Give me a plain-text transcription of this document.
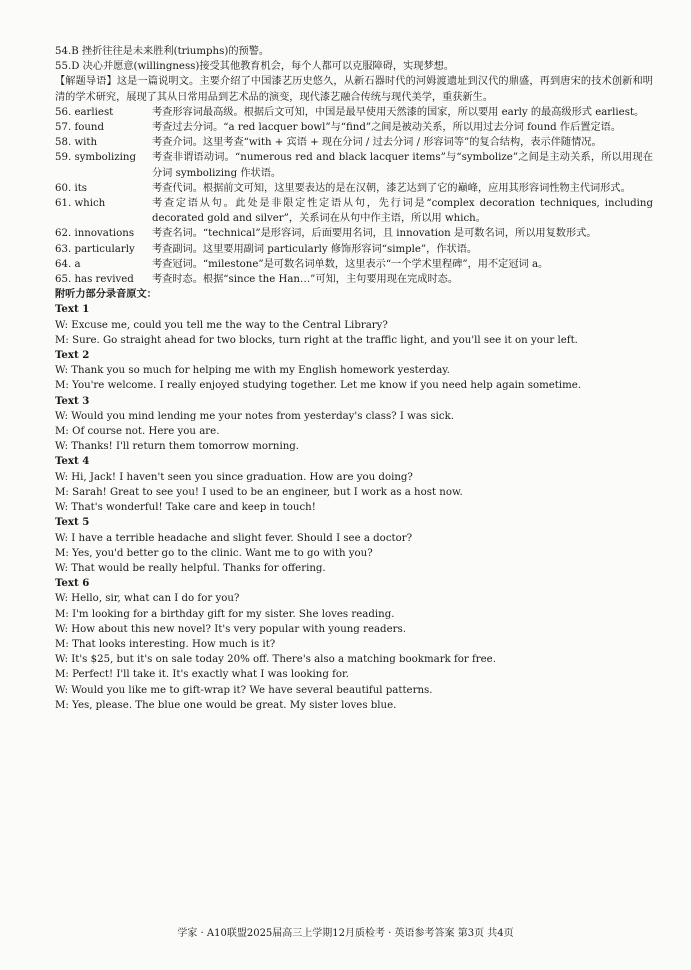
54.B 挫折往往是未来胜利(triumphs)的预警。

55.D 决心并愿意(willingness)接受其他教育机会，每个人都可以克服障碍，实现梦想。

【解题导语】这是一篇说明文。主要介绍了中国漆艺历史悠久，从新石器时代的河姆渡遗址到汉代的鼎盛，再到唐宋的技术创新和明清的学术研究，展现了其从日常用品到艺术品的演变，现代漆艺融合传统与现代美学，重获新生。

56. earliest	考查形容词最高级。根据后文可知，中国是最早使用天然漆的国家，所以要用 early 的最高级形式 earliest。
57. found	考查过去分词。“a red lacquer bowl”与“find”之间是被动关系，所以用过去分词 found 作后置定语。
58. with	考查介词。这里考查“with + 宾语 + 现在分词 / 过去分词 / 形容词等”的复合结构，表示伴随情况。
59. symbolizing	考查非谓语动词。“numerous red and black lacquer items”与“symbolize”之间是主动关系，所以用现在分词 symbolizing 作状语。
60. its	考查代词。根据前文可知，这里要表达的是在汉朝，漆艺达到了它的巅峰，应用其形容词性物主代词形式。
61. which	考查定语从句。此处是非限定性定语从句，先行词是“complex decoration techniques, including decorated gold and silver”，关系词在从句中作主语，所以用 which。
62. innovations	考查名词。“technical”是形容词，后面要用名词，且 innovation 是可数名词，所以用复数形式。
63. particularly	考查副词。这里要用副词 particularly 修饰形容词“simple”，作状语。
64. a	考查冠词。“milestone”是可数名词单数，这里表示“一个学术里程碑”，用不定冠词 a。
65. has revived	考查时态。根据“since the Han…”可知，主句要用现在完成时态。

附听力部分录音原文：

Text 1

W: Excuse me, could you tell me the way to the Central Library?

M: Sure. Go straight ahead for two blocks, turn right at the traffic light, and you'll see it on your left.

Text 2

W: Thank you so much for helping me with my English homework yesterday.

M: You're welcome. I really enjoyed studying together. Let me know if you need help again sometime.

Text 3

W: Would you mind lending me your notes from yesterday's class? I was sick.

M: Of course not. Here you are.

W: Thanks! I'll return them tomorrow morning.

Text 4

W: Hi, Jack! I haven't seen you since graduation. How are you doing?

M: Sarah! Great to see you! I used to be an engineer, but I work as a host now.

W: That's wonderful! Take care and keep in touch!

Text 5

W: I have a terrible headache and slight fever. Should I see a doctor?

M: Yes, you'd better go to the clinic. Want me to go with you?

W: That would be really helpful. Thanks for offering.

Text 6

W: Hello, sir, what can I do for you?

M: I'm looking for a birthday gift for my sister. She loves reading.

W: How about this new novel? It's very popular with young readers.

M: That looks interesting. How much is it?

W: It's $25, but it's on sale today 20% off. There's also a matching bookmark for free.

M: Perfect! I'll take it. It's exactly what I was looking for.

W: Would you like me to gift-wrap it? We have several beautiful patterns.

M: Yes, please. The blue one would be great. My sister loves blue.

学家 · A10联盟2025届高三上学期12月质检考 · 英语参考答案 第3页 共4页
